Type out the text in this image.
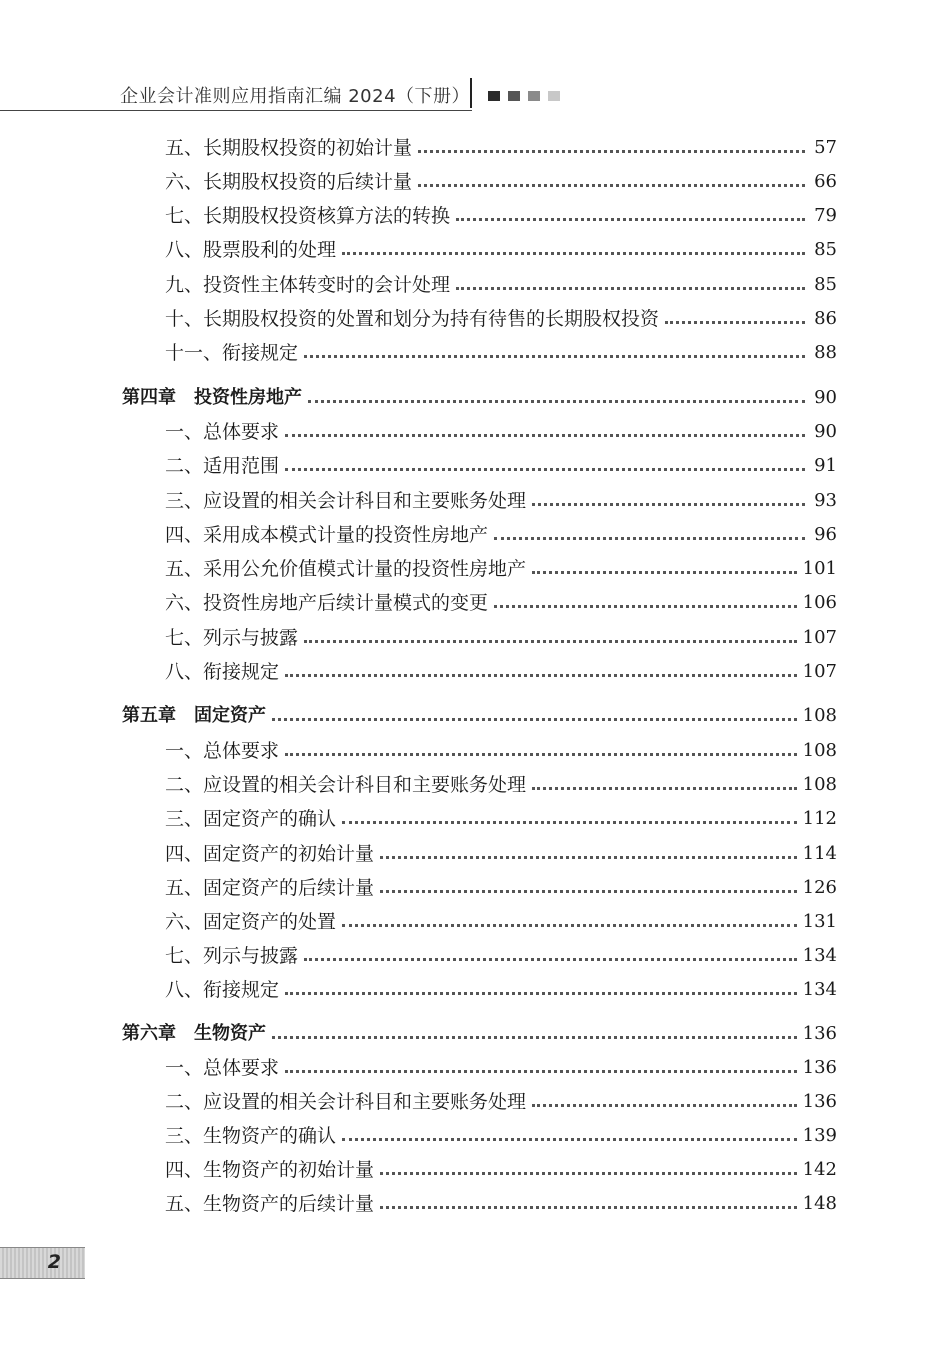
企业会计准则应用指南汇编 2024（下册）
五、长期股权投资的初始计量	57
六、长期股权投资的后续计量	66
七、长期股权投资核算方法的转换	79
八、股票股利的处理	85
九、投资性主体转变时的会计处理	85
十、长期股权投资的处置和划分为持有待售的长期股权投资	86
十一、衔接规定	88
第四章　投资性房地产	90
一、总体要求	90
二、适用范围	91
三、应设置的相关会计科目和主要账务处理	93
四、采用成本模式计量的投资性房地产	96
五、采用公允价值模式计量的投资性房地产	101
六、投资性房地产后续计量模式的变更	106
七、列示与披露	107
八、衔接规定	107
第五章　固定资产	108
一、总体要求	108
二、应设置的相关会计科目和主要账务处理	108
三、固定资产的确认	112
四、固定资产的初始计量	114
五、固定资产的后续计量	126
六、固定资产的处置	131
七、列示与披露	134
八、衔接规定	134
第六章　生物资产	136
一、总体要求	136
二、应设置的相关会计科目和主要账务处理	136
三、生物资产的确认	139
四、生物资产的初始计量	142
五、生物资产的后续计量	148
2
